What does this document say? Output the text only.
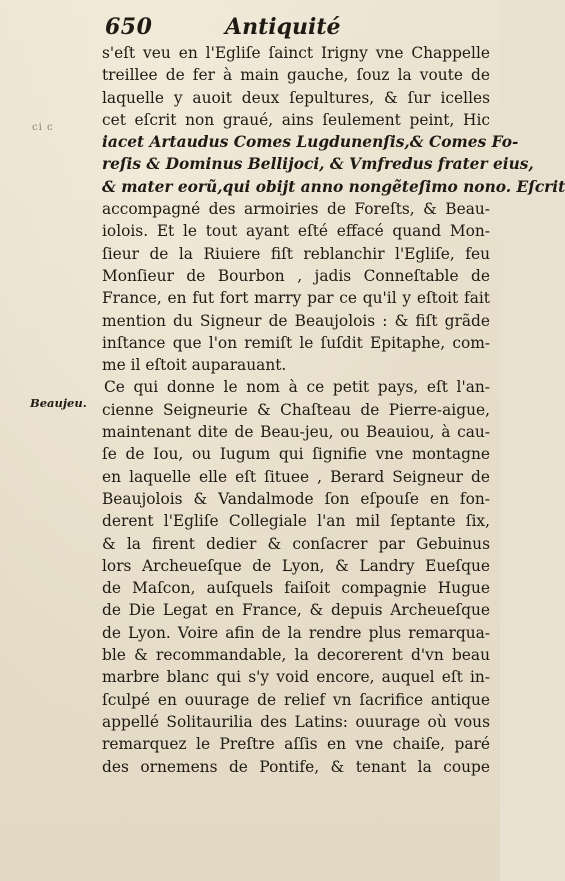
650	Antiquité
ci c
Beaujeu.
s'eſt veu en l'Egliſe ſainct Irigny vne Chappelle
treillee de fer à main gauche, ſouz la voute de
laquelle y auoit deux ſepultures, & ſur icelles
cet eſcrit non graué, ains ſeulement peint, Hic
iacet Artaudus Comes Lugdunenſis,& Comes Fo-
reſis & Dominus Bellijoci, & Vmfredus frater eius,
& mater eorũ,qui obijt anno nongẽteſimo nono. Eſcrit
accompagné des armoiries de Foreſts, & Beau-
iolois. Et le tout ayant eſté effacé quand Mon-
ſieur de la Riuiere fiſt reblanchir l'Egliſe, feu
Monſieur de Bourbon , jadis Conneſtable de
France, en fut fort marry par ce qu'il y eſtoit fait
mention du Signeur de Beaujolois : & fiſt grãde
inſtance que l'on remiſt le ſuſdit Epitaphe, com-
me il eſtoit auparauant.
Ce qui donne le nom à ce petit pays, eſt l'an-
cienne Seigneurie & Chaſteau de Pierre-aigue,
maintenant dite de Beau-jeu, ou Beauiou, à cau-
ſe de Iou, ou Iugum qui ſignifie vne montagne
en laquelle elle eſt ſituee , Berard Seigneur de
Beaujolois & Vandalmode ſon eſpouſe en fon-
derent l'Egliſe Collegiale l'an mil ſeptante ſix,
& la firent dedier & conſacrer par Gebuinus
lors Archeueſque de Lyon, & Landry Eueſque
de Maſcon, auſquels faiſoit compagnie Hugue
de Die Legat en France, & depuis Archeueſque
de Lyon. Voire afin de la rendre plus remarqua-
ble & recommandable, la decorerent d'vn beau
marbre blanc qui s'y void encore, auquel eſt in-
ſculpé en ouurage de relief vn ſacrifice antique
appellé Solitaurilia des Latins: ouurage où vous
remarquez le Preſtre aſſis en vne chaiſe, paré
des ornemens de Pontife, & tenant la coupe
